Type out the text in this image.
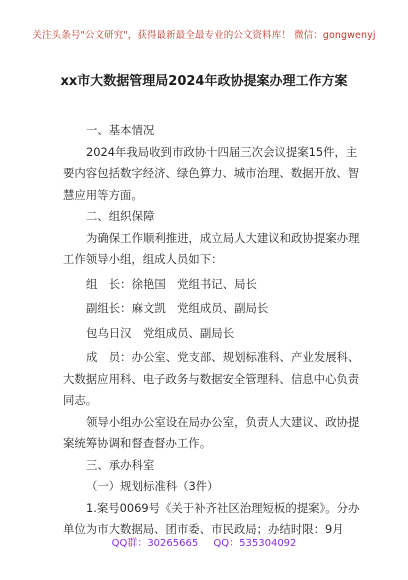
关注头条号"公文研究"，获得最新最全最专业的公文资料库！ 微信：gongwenyj
xx市大数据管理局2024年政协提案办理工作方案

一、基本情况

2024年我局收到市政协十四届三次会议提案15件，主要内容包括数字经济、绿色算力、城市治理、数据开放、智慧应用等方面。

二、组织保障

为确保工作顺利推进，成立局人大建议和政协提案办理工作领导小组，组成人员如下：

组　长：徐艳国　党组书记、局长

副组长：麻文凯　党组成员、副局长

包乌日汉　党组成员、副局长

成　员：办公室、党支部、规划标准科、产业发展科、大数据应用科、电子政务与数据安全管理科、信息中心负责同志。

领导小组办公室设在局办公室，负责人大建议、政协提案统筹协调和督查督办工作。

三、承办科室

（一）规划标准科（3件）

1.案号0069号《关于补齐社区治理短板的提案》。分办单位为市大数据局、团市委、市民政局；办结时限：9月

QQ群：30265665 QQ：535304092
